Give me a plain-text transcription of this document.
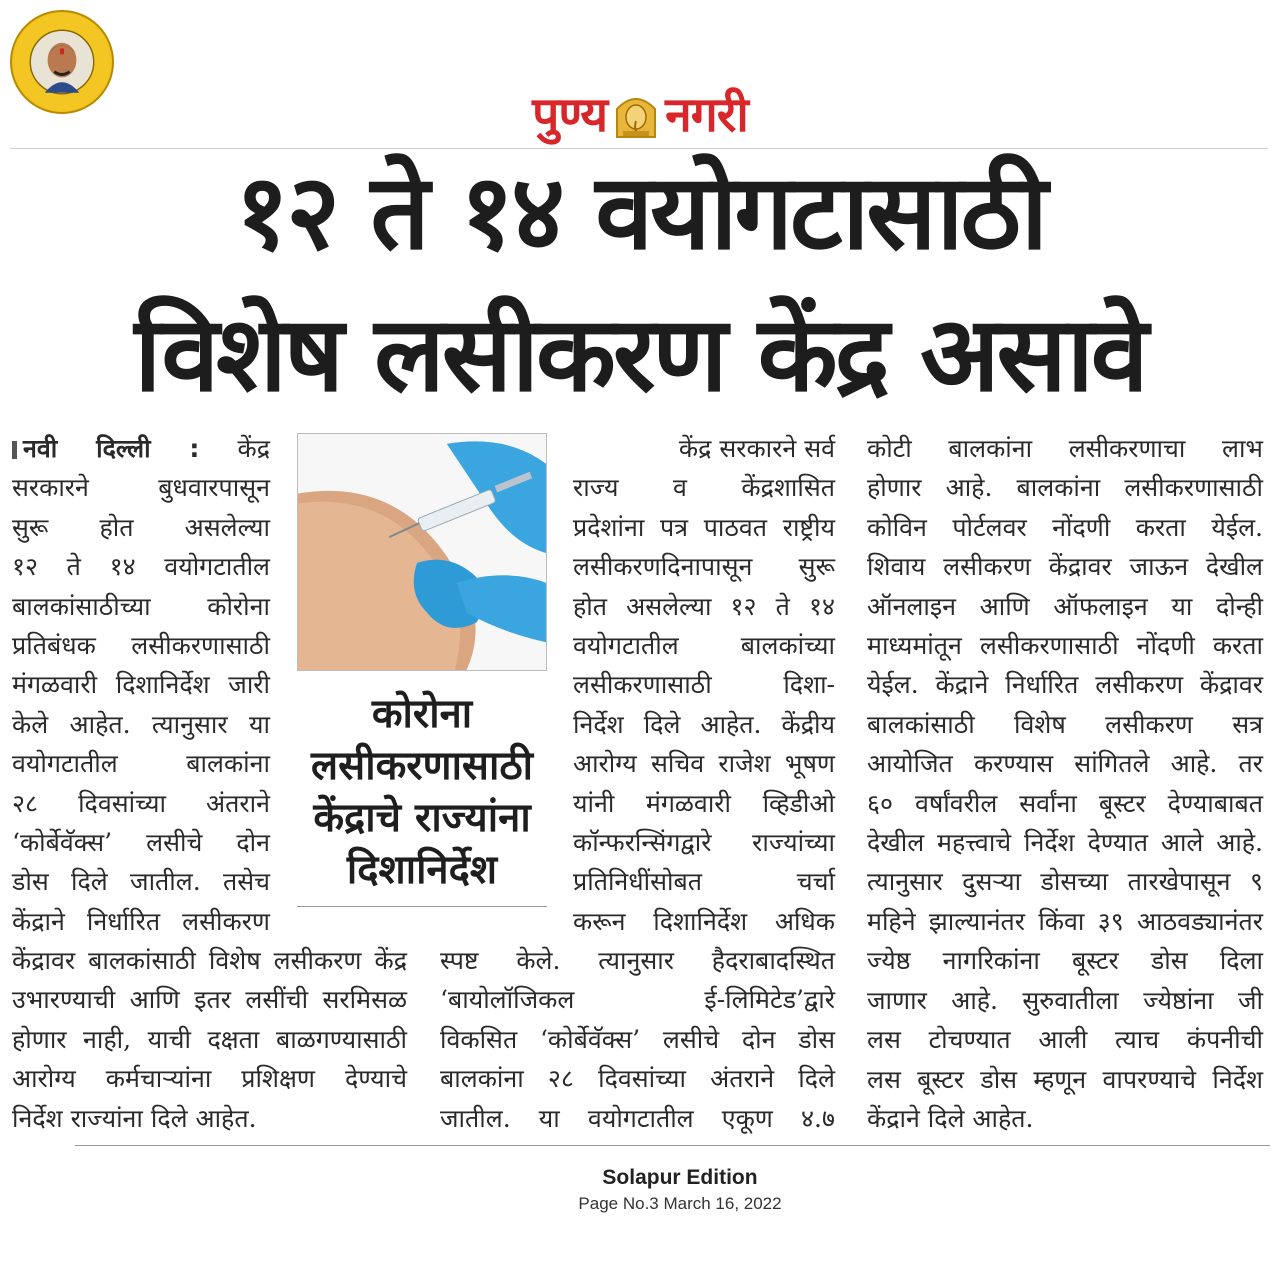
पुण्य नगरी
१२ ते १४ वयोगटासाठी
विशेष लसीकरण केंद्र असावे
नवी दिल्ली : केंद्र
सरकारने बुधवारपासून
सुरू होत असलेल्या
१२ ते १४ वयोगटातील
बालकांसाठीच्या कोरोना
प्रतिबंधक लसीकरणासाठी
मंगळवारी दिशानिर्देश जारी
केले आहेत. त्यानुसार या
वयोगटातील बालकांना
२८ दिवसांच्या अंतराने
‘कोर्बेवॅक्स’ लसीचे दोन
डोस दिले जातील. तसेच
केंद्राने निर्धारित लसीकरण
केंद्रावर बालकांसाठी विशेष लसीकरण केंद्र
उभारण्याची आणि इतर लसींची सरमिसळ
होणार नाही, याची दक्षता बाळगण्यासाठी
आरोग्य कर्मचाऱ्यांना प्रशिक्षण देण्याचे
निर्देश राज्यांना दिले आहेत.
कोरोना
लसीकरणासाठी
केंद्राचे राज्यांना
दिशानिर्देश
केंद्र सरकारने सर्व
राज्य व केंद्रशासित
प्रदेशांना पत्र पाठवत राष्ट्रीय
लसीकरणदिनापासून सुरू
होत असलेल्या १२ ते १४
वयोगटातील बालकांच्या
लसीकरणासाठी दिशा-
निर्देश दिले आहेत. केंद्रीय
आरोग्य सचिव राजेश भूषण
यांनी मंगळवारी व्हिडीओ
कॉन्फरन्सिंगद्वारे राज्यांच्या
प्रतिनिधींसोबत चर्चा
करून दिशानिर्देश अधिक
स्पष्ट केले. त्यानुसार हैदराबादस्थित
‘बायोलॉजिकल ई-लिमिटेड’द्वारे
विकसित ‘कोर्बेवॅक्स’ लसीचे दोन डोस
बालकांना २८ दिवसांच्या अंतराने दिले
जातील. या वयोगटातील एकूण ४.७
कोटी बालकांना लसीकरणाचा लाभ
होणार आहे. बालकांना लसीकरणासाठी
कोविन पोर्टलवर नोंदणी करता येईल.
शिवाय लसीकरण केंद्रावर जाऊन देखील
ऑनलाइन आणि ऑफलाइन या दोन्ही
माध्यमांतून लसीकरणासाठी नोंदणी करता
येईल. केंद्राने निर्धारित लसीकरण केंद्रावर
बालकांसाठी विशेष लसीकरण सत्र
आयोजित करण्यास सांगितले आहे. तर
६० वर्षांवरील सर्वांना बूस्टर देण्याबाबत
देखील महत्त्वाचे निर्देश देण्यात आले आहे.
त्यानुसार दुसऱ्या डोसच्या तारखेपासून ९
महिने झाल्यानंतर किंवा ३९ आठवड्यानंतर
ज्येष्ठ नागरिकांना बूस्टर डोस दिला
जाणार आहे. सुरुवातीला ज्येष्ठांना जी
लस टोचण्यात आली त्याच कंपनीची
लस बूस्टर डोस म्हणून वापरण्याचे निर्देश
केंद्राने दिले आहेत.
Solapur Edition
Page No.3 March 16, 2022
